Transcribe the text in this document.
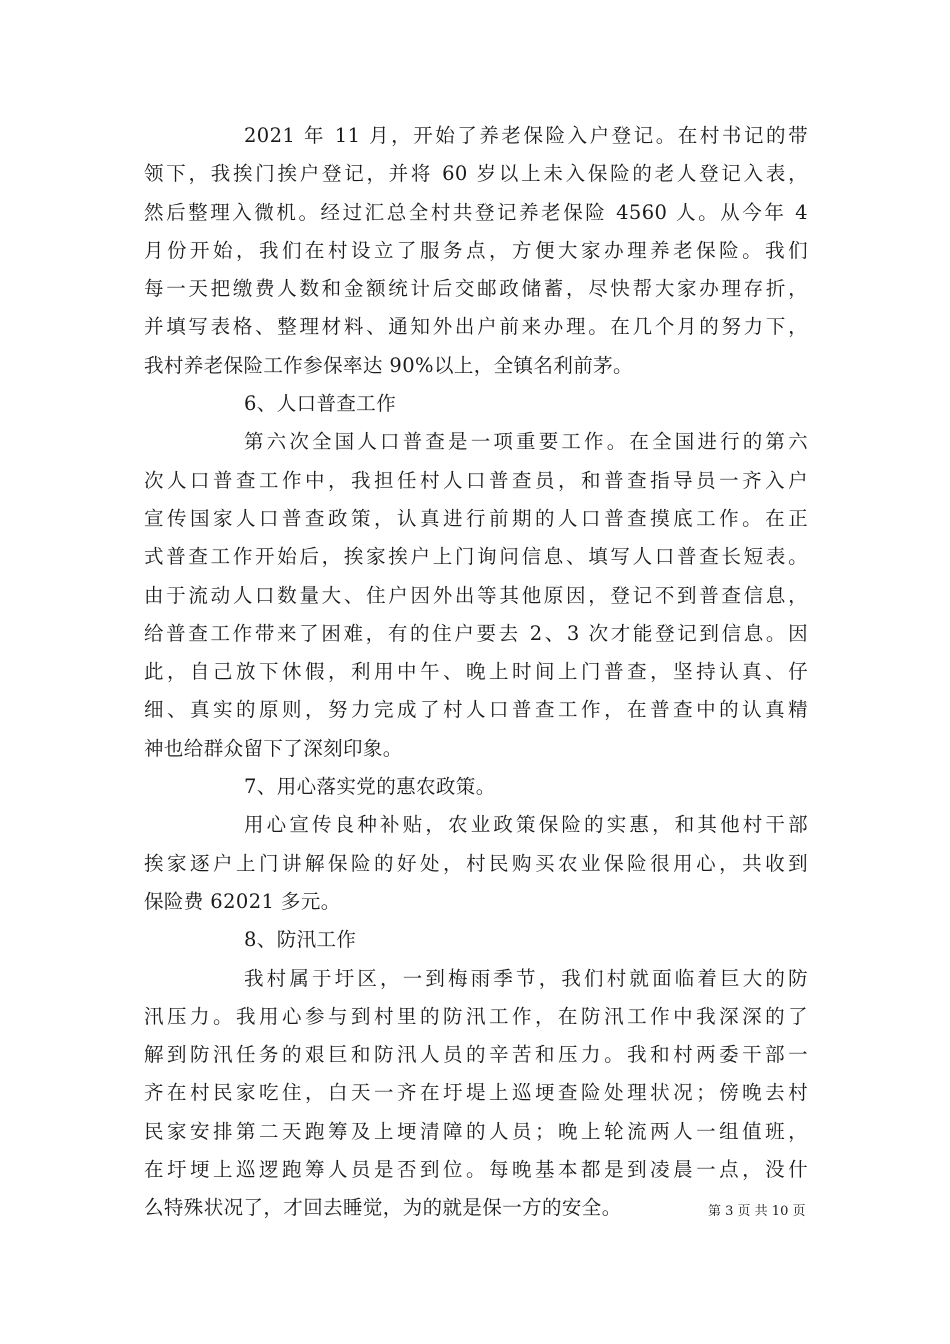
2021 年 11 月，开始了养老保险入户登记。在村书记的带
领下，我挨门挨户登记，并将 60 岁以上未入保险的老人登记入表，
然后整理入微机。经过汇总全村共登记养老保险 4560 人。从今年 4
月份开始，我们在村设立了服务点，方便大家办理养老保险。我们
每一天把缴费人数和金额统计后交邮政储蓄，尽快帮大家办理存折，
并填写表格、整理材料、通知外出户前来办理。在几个月的努力下，
我村养老保险工作参保率达 90%以上，全镇名利前茅。
6、人口普查工作
第六次全国人口普查是一项重要工作。在全国进行的第六
次人口普查工作中，我担任村人口普查员，和普查指导员一齐入户
宣传国家人口普查政策，认真进行前期的人口普查摸底工作。在正
式普查工作开始后，挨家挨户上门询问信息、填写人口普查长短表。
由于流动人口数量大、住户因外出等其他原因，登记不到普查信息，
给普查工作带来了困难，有的住户要去 2、3 次才能登记到信息。因
此，自己放下休假，利用中午、晚上时间上门普查，坚持认真、仔
细、真实的原则，努力完成了村人口普查工作，在普查中的认真精
神也给群众留下了深刻印象。
7、用心落实党的惠农政策。
用心宣传良种补贴，农业政策保险的实惠，和其他村干部
挨家逐户上门讲解保险的好处，村民购买农业保险很用心，共收到
保险费 62021 多元。
8、防汛工作
我村属于圩区，一到梅雨季节，我们村就面临着巨大的防
汛压力。我用心参与到村里的防汛工作，在防汛工作中我深深的了
解到防汛任务的艰巨和防汛人员的辛苦和压力。我和村两委干部一
齐在村民家吃住，白天一齐在圩堤上巡埂查险处理状况；傍晚去村
民家安排第二天跑筹及上埂清障的人员；晚上轮流两人一组值班，
在圩埂上巡逻跑筹人员是否到位。每晚基本都是到凌晨一点，没什
么特殊状况了，才回去睡觉，为的就是保一方的安全。	第 3 页 共 10 页
